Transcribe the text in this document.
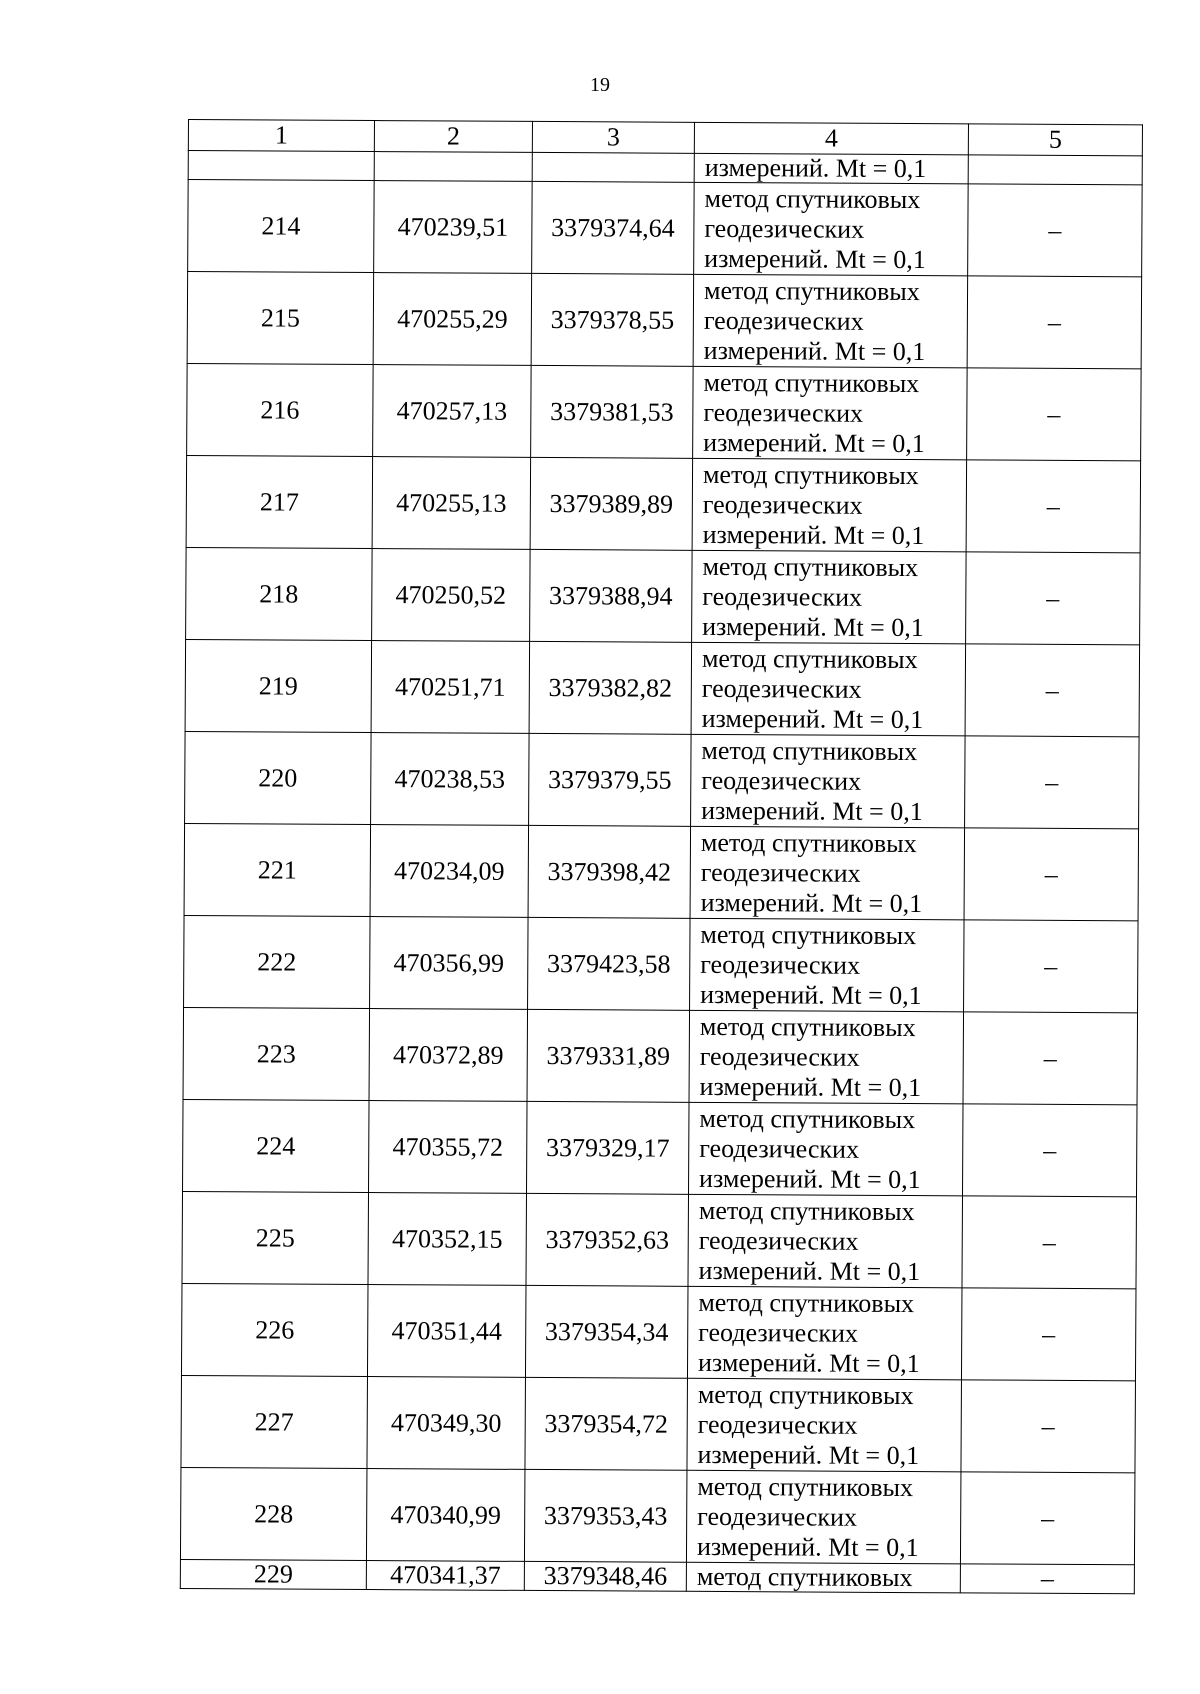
19
1	2	3	4	5
			измерений. Mt = 0,1	
214	470239,51	3379374,64	метод спутниковых
геодезических
измерений. Mt = 0,1	–
215	470255,29	3379378,55	метод спутниковых
геодезических
измерений. Mt = 0,1	–
216	470257,13	3379381,53	метод спутниковых
геодезических
измерений. Mt = 0,1	–
217	470255,13	3379389,89	метод спутниковых
геодезических
измерений. Mt = 0,1	–
218	470250,52	3379388,94	метод спутниковых
геодезических
измерений. Mt = 0,1	–
219	470251,71	3379382,82	метод спутниковых
геодезических
измерений. Mt = 0,1	–
220	470238,53	3379379,55	метод спутниковых
геодезических
измерений. Mt = 0,1	–
221	470234,09	3379398,42	метод спутниковых
геодезических
измерений. Mt = 0,1	–
222	470356,99	3379423,58	метод спутниковых
геодезических
измерений. Mt = 0,1	–
223	470372,89	3379331,89	метод спутниковых
геодезических
измерений. Mt = 0,1	–
224	470355,72	3379329,17	метод спутниковых
геодезических
измерений. Mt = 0,1	–
225	470352,15	3379352,63	метод спутниковых
геодезических
измерений. Mt = 0,1	–
226	470351,44	3379354,34	метод спутниковых
геодезических
измерений. Mt = 0,1	–
227	470349,30	3379354,72	метод спутниковых
геодезических
измерений. Mt = 0,1	–
228	470340,99	3379353,43	метод спутниковых
геодезических
измерений. Mt = 0,1	–
229	470341,37	3379348,46	метод спутниковых	–
